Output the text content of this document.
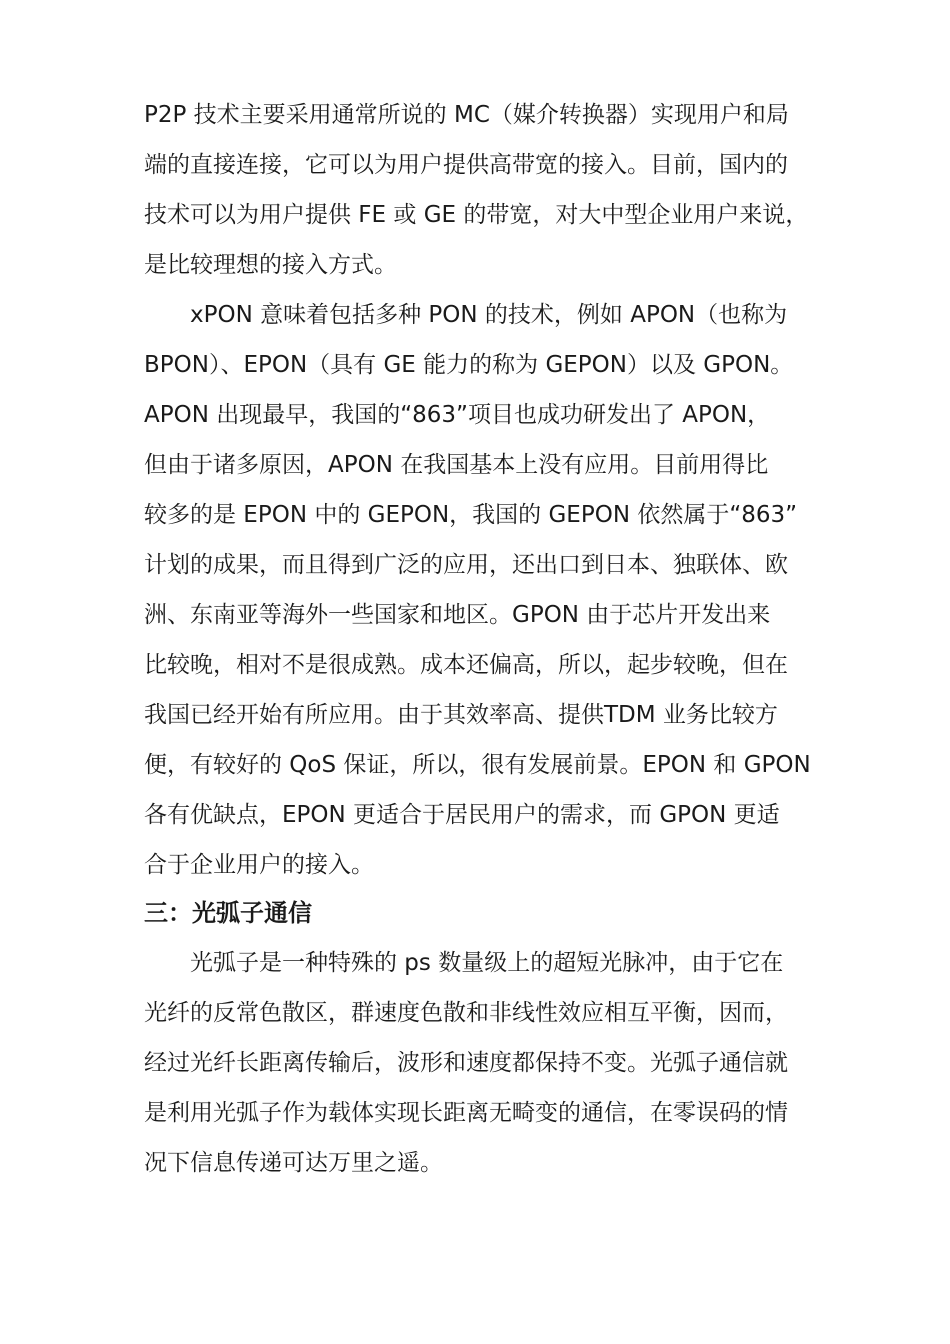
P2P 技术主要采用通常所说的 MC（媒介转换器）实现用户和局
端的直接连接，它可以为用户提供高带宽的接入。目前，国内的
技术可以为用户提供 FE 或 GE 的带宽，对大中型企业用户来说，
是比较理想的接入方式。
　　xPON 意味着包括多种 PON 的技术，例如 APON（也称为
BPON）、EPON（具有 GE 能力的称为 GEPON）以及 GPON。
APON 出现最早，我国的“863”项目也成功研发出了 APON，
但由于诸多原因，APON 在我国基本上没有应用。目前用得比
较多的是 EPON 中的 GEPON，我国的 GEPON 依然属于“863”
计划的成果，而且得到广泛的应用，还出口到日本、独联体、欧
洲、东南亚等海外一些国家和地区。GPON 由于芯片开发出来
比较晚，相对不是很成熟。成本还偏高，所以，起步较晚，但在
我国已经开始有所应用。由于其效率高、提供TDM 业务比较方
便，有较好的 QoS 保证，所以，很有发展前景。EPON 和 GPON
各有优缺点，EPON 更适合于居民用户的需求，而 GPON 更适
合于企业用户的接入。
三：光弧子通信
　　光弧子是一种特殊的 ps 数量级上的超短光脉冲，由于它在
光纤的反常色散区，群速度色散和非线性效应相互平衡，因而，
经过光纤长距离传输后，波形和速度都保持不变。光弧子通信就
是利用光弧子作为载体实现长距离无畸变的通信，在零误码的情
况下信息传递可达万里之遥。
